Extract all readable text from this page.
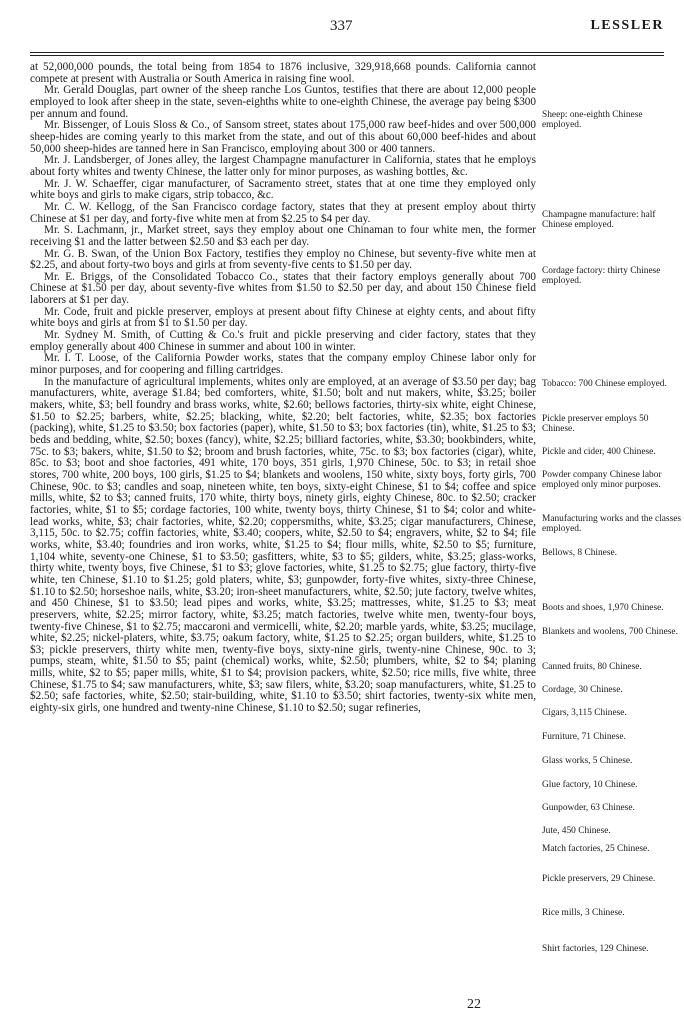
337	LESSLER

at 52,000,000 pounds, the total being from 1854 to 1876 inclusive, 329,918,668 pounds. California cannot compete at present with Australia or South America in raising fine wool.

Mr. Gerald Douglas, part owner of the sheep ranche Los Guntos, testifies that there are about 12,000 people employed to look after sheep in the state, seven-eighths white to one-eighth Chinese, the average pay being $300 per annum and found.

Mr. Bissenger, of Louis Sloss & Co., of Sansom street, states about 175,000 raw beef-hides and over 500,000 sheep-hides are coming yearly to this market from the state, and out of this about 60,000 beef-hides and about 50,000 sheep-hides are tanned here in San Francisco, employing about 300 or 400 tanners.

Mr. J. Landsberger, of Jones alley, the largest Champagne manufacturer in California, states that he employs about forty whites and twenty Chinese, the latter only for minor purposes, as washing bottles, &c.

Mr. J. W. Schaeffer, cigar manufacturer, of Sacramento street, states that at one time they employed only white boys and girls to make cigars, strip tobacco, &c.

Mr. C. W. Kellogg, of the San Francisco cordage factory, states that they at present employ about thirty Chinese at $1 per day, and forty-five white men at from $2.25 to $4 per day.

Mr. S. Lachmann, jr., Market street, says they employ about one Chinaman to four white men, the former receiving $1 and the latter between $2.50 and $3 each per day.

Mr. G. B. Swan, of the Union Box Factory, testifies they employ no Chinese, but seventy-five white men at $2.25, and about forty-two boys and girls at from seventy-five cents to $1.50 per day.

Mr. E. Briggs, of the Consolidated Tobacco Co., states that their factory employs generally about 700 Chinese at $1.50 per day, about seventy-five whites from $1.50 to $2.50 per day, and about 150 Chinese field laborers at $1 per day.

Mr. Code, fruit and pickle preserver, employs at present about fifty Chinese at eighty cents, and about fifty white boys and girls at from $1 to $1.50 per day.

Mr. Sydney M. Smith, of Cutting & Co.'s fruit and pickle preserving and cider factory, states that they employ generally about 400 Chinese in summer and about 100 in winter.

Mr. I. T. Loose, of the California Powder works, states that the company employ Chinese labor only for minor purposes, and for coopering and filling cartridges.

In the manufacture of agricultural implements, whites only are employed, at an average of $3.50 per day; bag manufacturers, white, average $1.84; bed comforters, white, $1.50; bolt and nut makers, white, $3.25; boiler makers, white, $3; bell foundry and brass works, white, $2.60; bellows factories, thirty-six white, eight Chinese, $1.50 to $2.25; barbers, white, $2.25; blacking, white, $2.20; belt factories, white, $2.35; box factories (packing), white, $1.25 to $3.50; box factories (paper), white, $1.50 to $3; box factories (tin), white, $1.25 to $3; beds and bedding, white, $2.50; boxes (fancy), white, $2.25; billiard factories, white, $3.30; bookbinders, white, 75c. to $3; bakers, white, $1.50 to $2; broom and brush factories, white, 75c. to $3; box factories (cigar), white, 85c. to $3; boot and shoe factories, 491 white, 170 boys, 351 girls, 1,970 Chinese, 50c. to $3; in retail shoe stores, 700 white, 200 boys, 100 girls, $1.25 to $4; blankets and woolens, 150 white, sixty boys, forty girls, 700 Chinese, 90c. to $3; candles and soap, nineteen white, ten boys, sixty-eight Chinese, $1 to $4; coffee and spice mills, white, $2 to $3; canned fruits, 170 white, thirty boys, ninety girls, eighty Chinese, 80c. to $2.50; cracker factories, white, $1 to $5; cordage factories, 100 white, twenty boys, thirty Chinese, $1 to $4; color and white-lead works, white, $3; chair factories, white, $2.20; coppersmiths, white, $3.25; cigar manufacturers, Chinese, 3,115, 50c. to $2.75; coffin factories, white, $3.40; coopers, white, $2.50 to $4; engravers, white, $2 to $4; file works, white, $3.40; foundries and iron works, white, $1.25 to $4; flour mills, white, $2.50 to $5; furniture, 1,104 white, seventy-one Chinese, $1 to $3.50; gasfitters, white, $3 to $5; gilders, white, $3.25; glass-works, thirty white, twenty boys, five Chinese, $1 to $3; glove factories, white, $1.25 to $2.75; glue factory, thirty-five white, ten Chinese, $1.10 to $1.25; gold platers, white, $3; gunpowder, forty-five whites, sixty-three Chinese, $1.10 to $2.50; horseshoe nails, white, $3.20; iron-sheet manufacturers, white, $2.50; jute factory, twelve whites, and 450 Chinese, $1 to $3.50; lead pipes and works, white, $3.25; mattresses, white, $1.25 to $3; meat preservers, white, $2.25; mirror factory, white, $3.25; match factories, twelve white men, twenty-four boys, twenty-five Chinese, $1 to $2.75; maccaroni and vermicelli, white, $2.20; marble yards, white, $3.25; mucilage, white, $2.25; nickel-platers, white, $3.75; oakum factory, white, $1.25 to $2.25; organ builders, white, $1.25 to $3; pickle preservers, thirty white men, twenty-five boys, sixty-nine girls, twenty-nine Chinese, 90c. to 3; pumps, steam, white, $1.50 to $5; paint (chemical) works, white, $2.50; plumbers, white, $2 to $4; planing mills, white, $2 to $5; paper mills, white, $1 to $4; provision packers, white, $2.50; rice mills, five white, three Chinese, $1.75 to $4; saw manufacturers, white, $3; saw filers, white, $3.20; soap manufacturers, white, $1.25 to $2.50; safe factories, white, $2.50; stair-building, white, $1.10 to $3.50; shirt factories, twenty-six white men, eighty-six girls, one hundred and twenty-nine Chinese, $1.10 to $2.50; sugar refineries,

Sheep: one-eighth Chinese employed.
Champagne manufacture: half Chinese employed.
Cordage factory: thirty Chinese employed.
Tobacco: 700 Chinese employed.
Pickle preserver employs 50 Chinese.
Pickle and cider, 400 Chinese.
Powder company Chinese labor employed only minor purposes.
Manufacturing works and the classes employed.
Bellows, 8 Chinese.
Boots and shoes, 1,970 Chinese.
Blankets and woolens, 700 Chinese.
Canned fruits, 80 Chinese.
Cordage, 30 Chinese.
Cigars, 3,115 Chinese.
Furniture, 71 Chinese.
Glass works, 5 Chinese.
Glue factory, 10 Chinese.
Gunpowder, 63 Chinese.
Jute, 450 Chinese.
Match factories, 25 Chinese.
Pickle preservers, 29 Chinese.
Rice mills, 3 Chinese.
Shirt factories, 129 Chinese.
22
